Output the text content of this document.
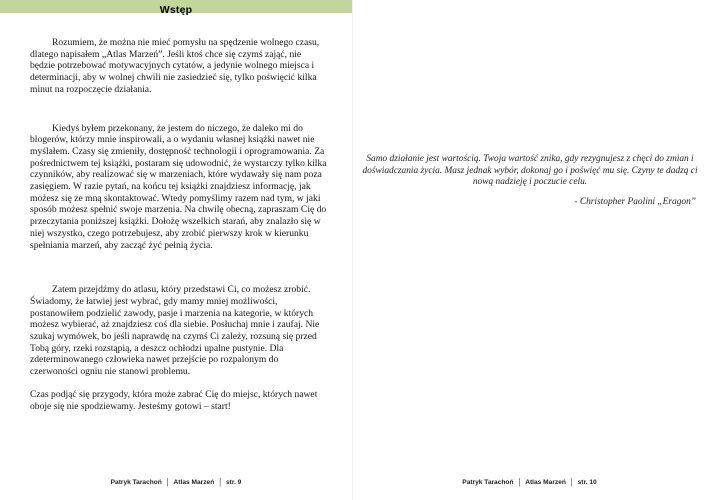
Wstęp

Rozumiem, że można nie mieć pomysłu na spędzenie wolnego czasu, dlatego napisałem „Atlas Marzeń”. Jeśli ktoś chce się czymś zająć, nie będzie potrzebować motywacyjnych cytatów, a jedynie wolnego miejsca i determinacji, aby w wolnej chwili nie zasiedzieć się, tylko poświęcić kilka minut na rozpoczęcie działania.

Kiedyś byłem przekonany, że jestem do niczego, że daleko mi do blogerów, którzy mnie inspirowali, a o wydaniu własnej książki nawet nie myślałem. Czasy się zmieniły, dostępność technologii i oprogramowania. Za pośrednictwem tej książki, postaram się udowodnić, że wystarczy tylko kilka czynników, aby realizować się w marzeniach, które wydawały się nam poza zasięgiem. W razie pytań, na końcu tej książki znajdziesz informację, jak możesz się ze mną skontaktować. Wtedy pomyślimy razem nad tym, w jaki sposób możesz spełnić swoje marzenia. Na chwilę obecną, zapraszam Cię do przeczytania poniższej książki. Dołożę wszelkich starań, aby znalazło się w niej wszystko, czego potrzebujesz, aby zrobić pierwszy krok w kierunku spełniania marzeń, aby zacząć żyć pełnią życia.

Zatem przejdźmy do atlasu, który przedstawi Ci, co możesz zrobić. Świadomy, że łatwiej jest wybrać, gdy mamy mniej możliwości, postanowiłem podzielić zawody, pasje i marzenia na kategorie, w których możesz wybierać, aż znajdziesz coś dla siebie. Posłuchaj mnie i zaufaj. Nie szukaj wymówek, bo jeśli naprawdę na czymś Ci zależy, rozsuną się przed Tobą góry, rzeki rozstąpią, a deszcz ochłodzi upalne pustynie. Dla zdeterminowanego człowieka nawet przejście po rozpalonym do czerwoności ogniu nie stanowi problemu.

Czas podjąć się przygody, która może zabrać Cię do miejsc, których nawet oboje się nie spodziewamy. Jesteśmy gotowi – start!

Patryk Tarachoń | Atlas Marzeń | str. 9
Samo działanie jest wartością. Twoja wartość znika, gdy rezygnujesz z chęci do zmian i doświadczania życia. Masz jednak wybór, dokonaj go i poświęć mu się. Czyny te dadzą ci nową nadzieję i poczucie celu.
- Christopher Paolini „Eragon”
Patryk Tarachoń | Atlas Marzeń | str. 10
